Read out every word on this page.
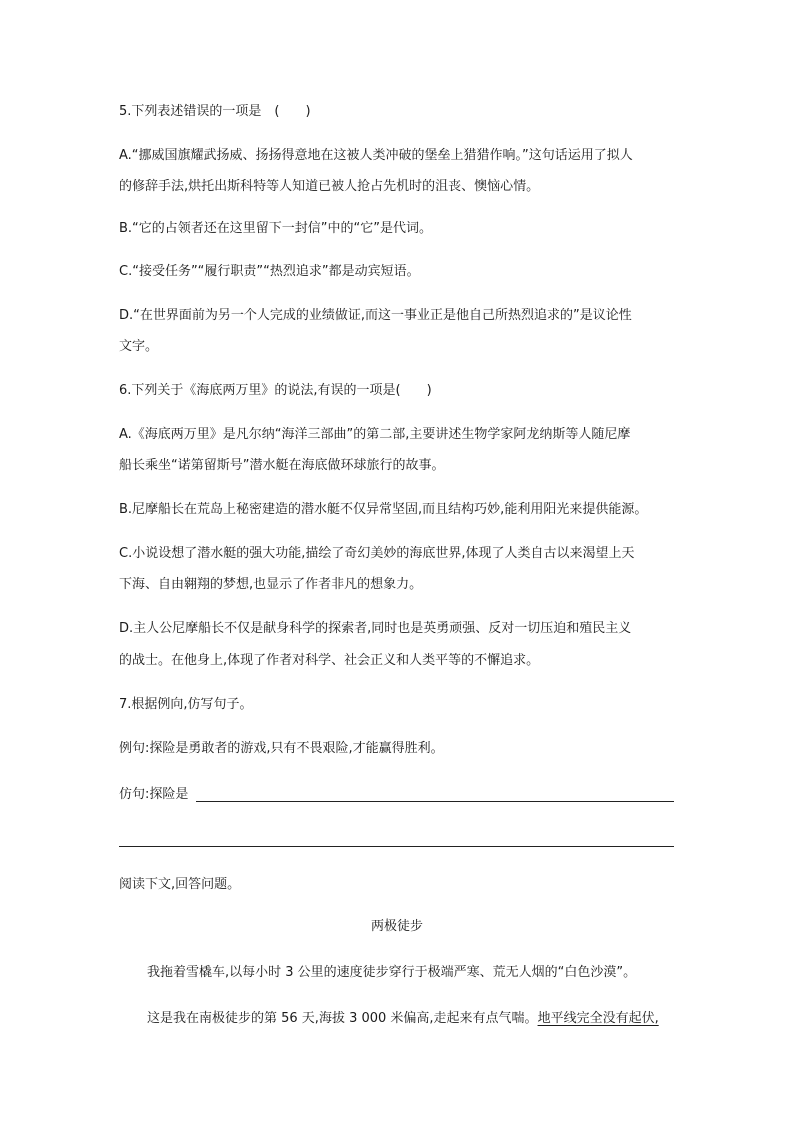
5.下列表述错误的一项是　(　　)
A.“挪威国旗耀武扬威、扬扬得意地在这被人类冲破的堡垒上猎猎作响。”这句话运用了拟人
的修辞手法,烘托出斯科特等人知道已被人抢占先机时的沮丧、懊恼心情。
B.“它的占领者还在这里留下一封信”中的“它”是代词。
C.“接受任务”“履行职责”“热烈追求”都是动宾短语。
D.“在世界面前为另一个人完成的业绩做证,而这一事业正是他自己所热烈追求的”是议论性
文字。
6.下列关于《海底两万里》的说法,有误的一项是(　　)
A.《海底两万里》是凡尔纳“海洋三部曲”的第二部,主要讲述生物学家阿龙纳斯等人随尼摩
船长乘坐“诺第留斯号”潜水艇在海底做环球旅行的故事。
B.尼摩船长在荒岛上秘密建造的潜水艇不仅异常坚固,而且结构巧妙,能利用阳光来提供能源。
C.小说设想了潜水艇的强大功能,描绘了奇幻美妙的海底世界,体现了人类自古以来渴望上天
下海、自由翱翔的梦想,也显示了作者非凡的想象力。
D.主人公尼摩船长不仅是献身科学的探索者,同时也是英勇顽强、反对一切压迫和殖民主义
的战士。在他身上,体现了作者对科学、社会正义和人类平等的不懈追求。
7.根据例向,仿写句子。
例句:探险是勇敢者的游戏,只有不畏艰险,才能赢得胜利。
仿句:探险是
阅读下文,回答问题。
两极徒步
我拖着雪橇车,以每小时 3 公里的速度徒步穿行于极端严寒、荒无人烟的“白色沙漠”。
这是我在南极徒步的第 56 天,海拔 3 000 米偏高,走起来有点气喘。地平线完全没有起伏,
